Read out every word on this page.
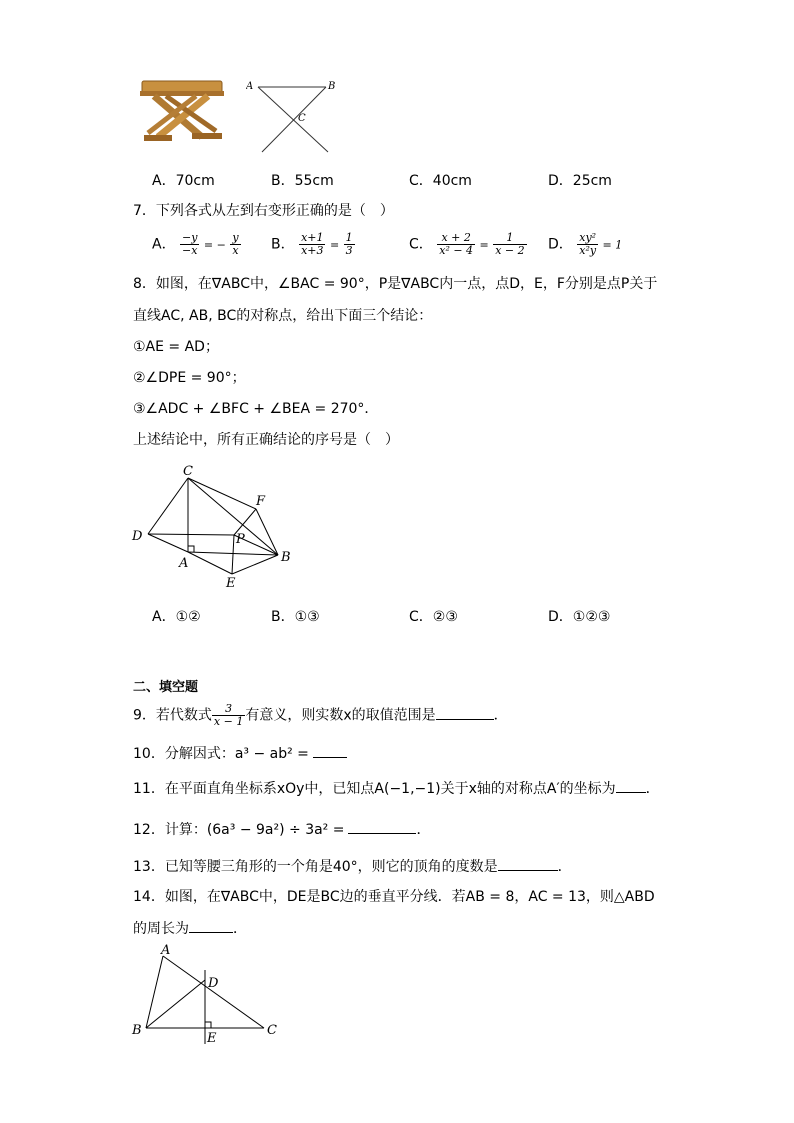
A	B
C
A．70cm	B．55cm	C．40cm	D．25cm
7．下列各式从左到右变形正确的是（　）
A． $\frac{-y}{-x}$ = − $\frac{y}{x}$ B． $\frac{x+1}{x+3} = \frac{1}{3}$	C． $\frac{x + 2}{\text{x² − 4}} = \frac{1}{x - 2}$ D． $\frac{\text{xy²}}{\text{x²y}} = 1$
8．如图，在∇ABC中，∠BAC = 90°，P是∇ABC内一点，点D，E，F分别是点P关于
直线AC, AB, BC的对称点，给出下面三个结论：
①AE = AD；
②∠DPE = 90°；
③∠ADC + ∠BFC + ∠BEA = 270°．
上述结论中，所有正确结论的序号是（　）
C
F
D	P
A	B
E
A．①②	B．①③	C．②③	D．①②③
二、填空题
9．若代数式 $\frac{3}{x - 1}$ 有意义，则实数x的取值范围是	．
10．分解因式：a³ − ab² =
11．在平面直角坐标系xOy中，已知点A(−1,−1)关于x轴的对称点A′的坐标为 ．
12．计算：(6a³ − 9a²) ÷ 3a² =	．
13．已知等腰三角形的一个角是40°，则它的顶角的度数是	．
14．如图，在∇ABC中，DE是BC边的垂直平分线．若AB = 8，AC = 13，则△ABD
的周长为	．
A
D
B	C
E
